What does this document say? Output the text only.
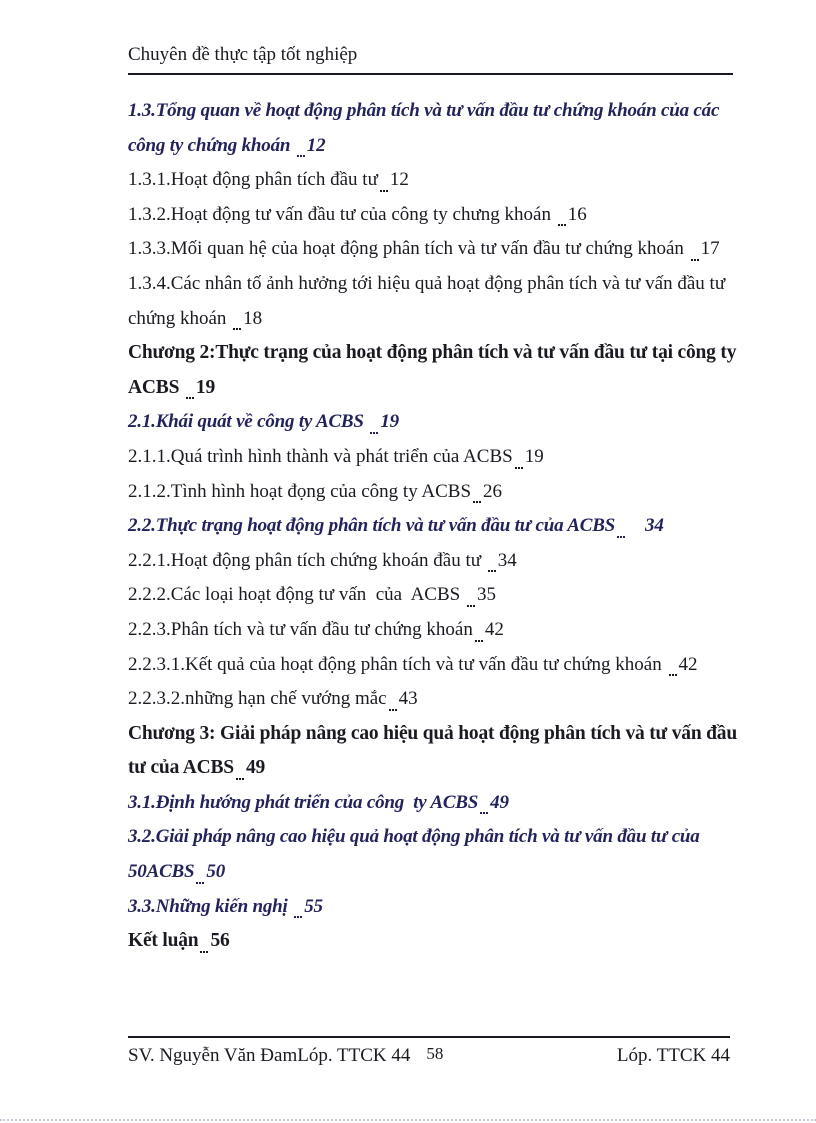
Chuyên đề thực tập tốt nghiệp
1.3.Tổng quan về hoạt động phân tích và tư vấn đầu tư chứng khoán của các
công ty chứng khoán 12
1.3.1.Hoạt động phân tích đầu tư 12
1.3.2.Hoạt động tư vấn đầu tư của công ty chưng khoán 16
1.3.3.Mối quan hệ của hoạt động phân tích và tư vấn đầu tư chứng khoán 17
1.3.4.Các nhân tố ảnh hưởng tới hiệu quả hoạt động phân tích và tư vấn đầu tư
chứng khoán 18
Chương 2:Thực trạng của hoạt động phân tích và tư vấn đầu tư tại công ty
ACBS 19
2.1.Khái quát về công ty ACBS 19
2.1.1.Quá trình hình thành và phát triển của ACBS 19
2.1.2.Tình hình hoạt đọng của công ty ACBS 26
2.2.Thực trạng hoạt động phân tích và tư vấn đầu tư của ACBS 34
2.2.1.Hoạt động phân tích chứng khoán đầu tư 34
2.2.2.Các loại hoạt động tư vấn  của  ACBS 35
2.2.3.Phân tích và tư vấn đầu tư chứng khoán 42
2.2.3.1.Kết quả của hoạt động phân tích và tư vấn đầu tư chứng khoán 42
2.2.3.2.những hạn chế vướng mắc 43
Chương 3: Giải pháp nâng cao hiệu quả hoạt động phân tích và tư vấn đầu
tư của ACBS 49
3.1.Định hướng phát triển của công  ty ACBS 49
3.2.Giải pháp nâng cao hiệu quả hoạt động phân tích và tư vấn đầu tư của
50ACBS 50
3.3.Những kiến nghị 55
Kết luận 56
SV. Nguyễn Văn ĐamLóp. TTCK 44 58	Lóp. TTCK 44
